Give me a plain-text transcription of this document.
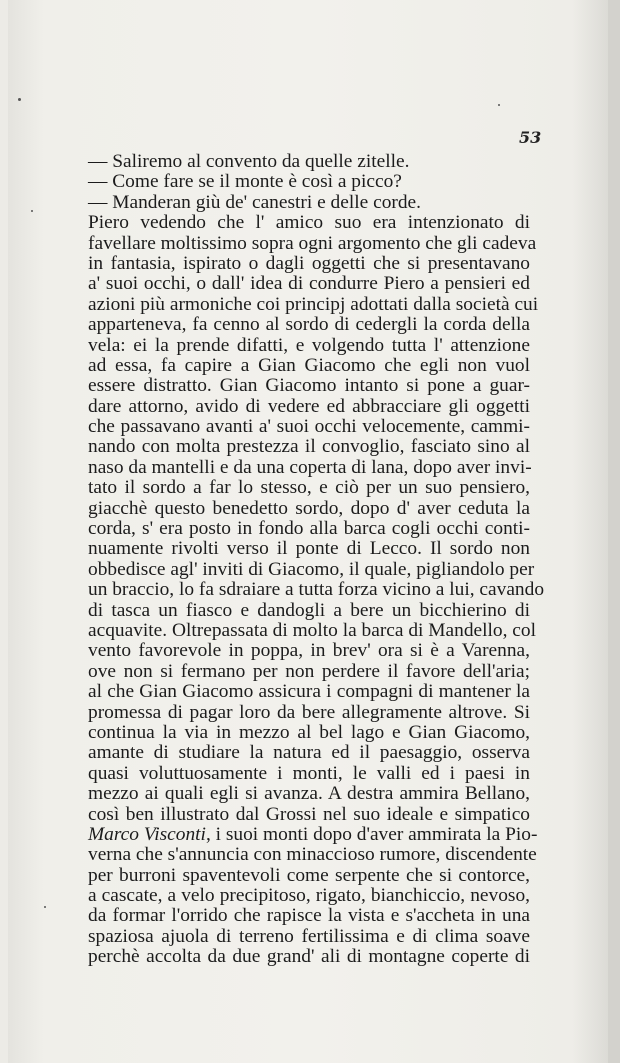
53
— Saliremo al convento da quelle zitelle.
— Come fare se il monte è così a picco?
— Manderan giù de' canestri e delle corde.
Piero vedendo che l' amico suo era intenzionato di
favellare moltissimo sopra ogni argomento che gli cadeva
in fantasia, ispirato o dagli oggetti che si presentavano
a' suoi occhi, o dall' idea di condurre Piero a pensieri ed
azioni più armoniche coi principj adottati dalla società cui
apparteneva, fa cenno al sordo di cedergli la corda della
vela: ei la prende difatti, e volgendo tutta l' attenzione
ad essa, fa capire a Gian Giacomo che egli non vuol
essere distratto. Gian Giacomo intanto si pone a guar-
dare attorno, avido di vedere ed abbracciare gli oggetti
che passavano avanti a' suoi occhi velocemente, cammi-
nando con molta prestezza il convoglio, fasciato sino al
naso da mantelli e da una coperta di lana, dopo aver invi-
tato il sordo a far lo stesso, e ciò per un suo pensiero,
giacchè questo benedetto sordo, dopo d' aver ceduta la
corda, s' era posto in fondo alla barca cogli occhi conti-
nuamente rivolti verso il ponte di Lecco. Il sordo non
obbedisce agl' inviti di Giacomo, il quale, pigliandolo per
un braccio, lo fa sdraiare a tutta forza vicino a lui, cavando
di tasca un fiasco e dandogli a bere un bicchierino di
acquavite. Oltrepassata di molto la barca di Mandello, col
vento favorevole in poppa, in brev' ora si è a Varenna,
ove non si fermano per non perdere il favore dell'aria;
al che Gian Giacomo assicura i compagni di mantener la
promessa di pagar loro da bere allegramente altrove. Si
continua la via in mezzo al bel lago e Gian Giacomo,
amante di studiare la natura ed il paesaggio, osserva
quasi voluttuosamente i monti, le valli ed i paesi in
mezzo ai quali egli si avanza. A destra ammira Bellano,
così ben illustrato dal Grossi nel suo ideale e simpatico
Marco Visconti, i suoi monti dopo d'aver ammirata la Pio-
verna che s'annuncia con minaccioso rumore, discendente
per burroni spaventevoli come serpente che si contorce,
a cascate, a velo precipitoso, rigato, bianchiccio, nevoso,
da formar l'orrido che rapisce la vista e s'accheta in una
spaziosa ajuola di terreno fertilissima e di clima soave
perchè accolta da due grand' ali di montagne coperte di
